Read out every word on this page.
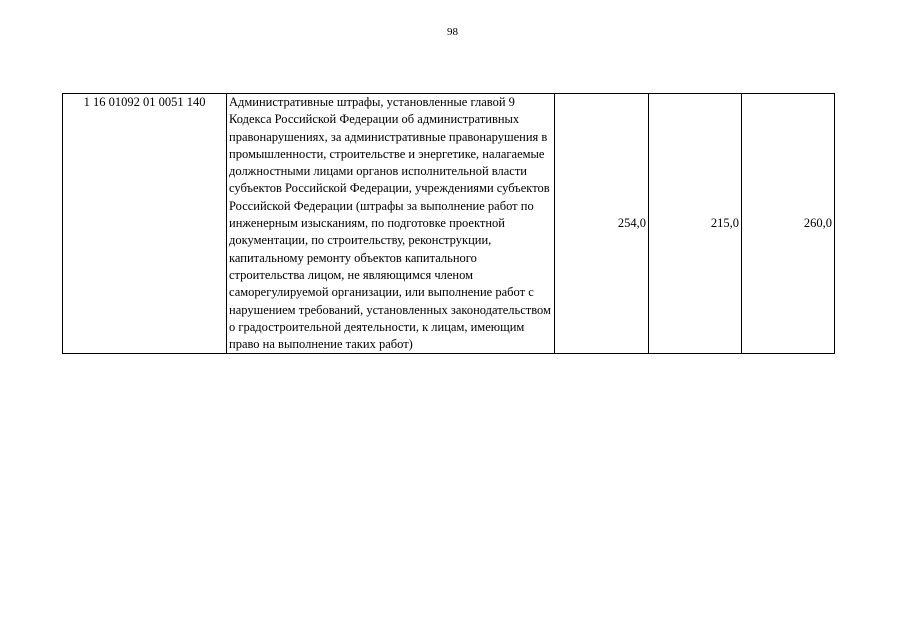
98
1 16 01092 01 0051 140	Административные штрафы, установленные главой 9 Кодекса Российской Федерации об административных правонарушениях, за административные правонарушения в промышленности, строительстве и энергетике, налагаемые должностными лицами органов исполнительной власти субъектов Российской Федерации, учреждениями субъектов Российской Федерации (штрафы за выполнение работ по инженерным изысканиям, по подготовке проектной документации, по строительству, реконструкции, капитальному ремонту объектов капитального строительства лицом, не являющимся членом саморегулируемой организации, или выполнение работ с нарушением требований, установленных законодательством о градостроительной деятельности, к лицам, имеющим право на выполнение таких работ)	254,0	215,0	260,0
